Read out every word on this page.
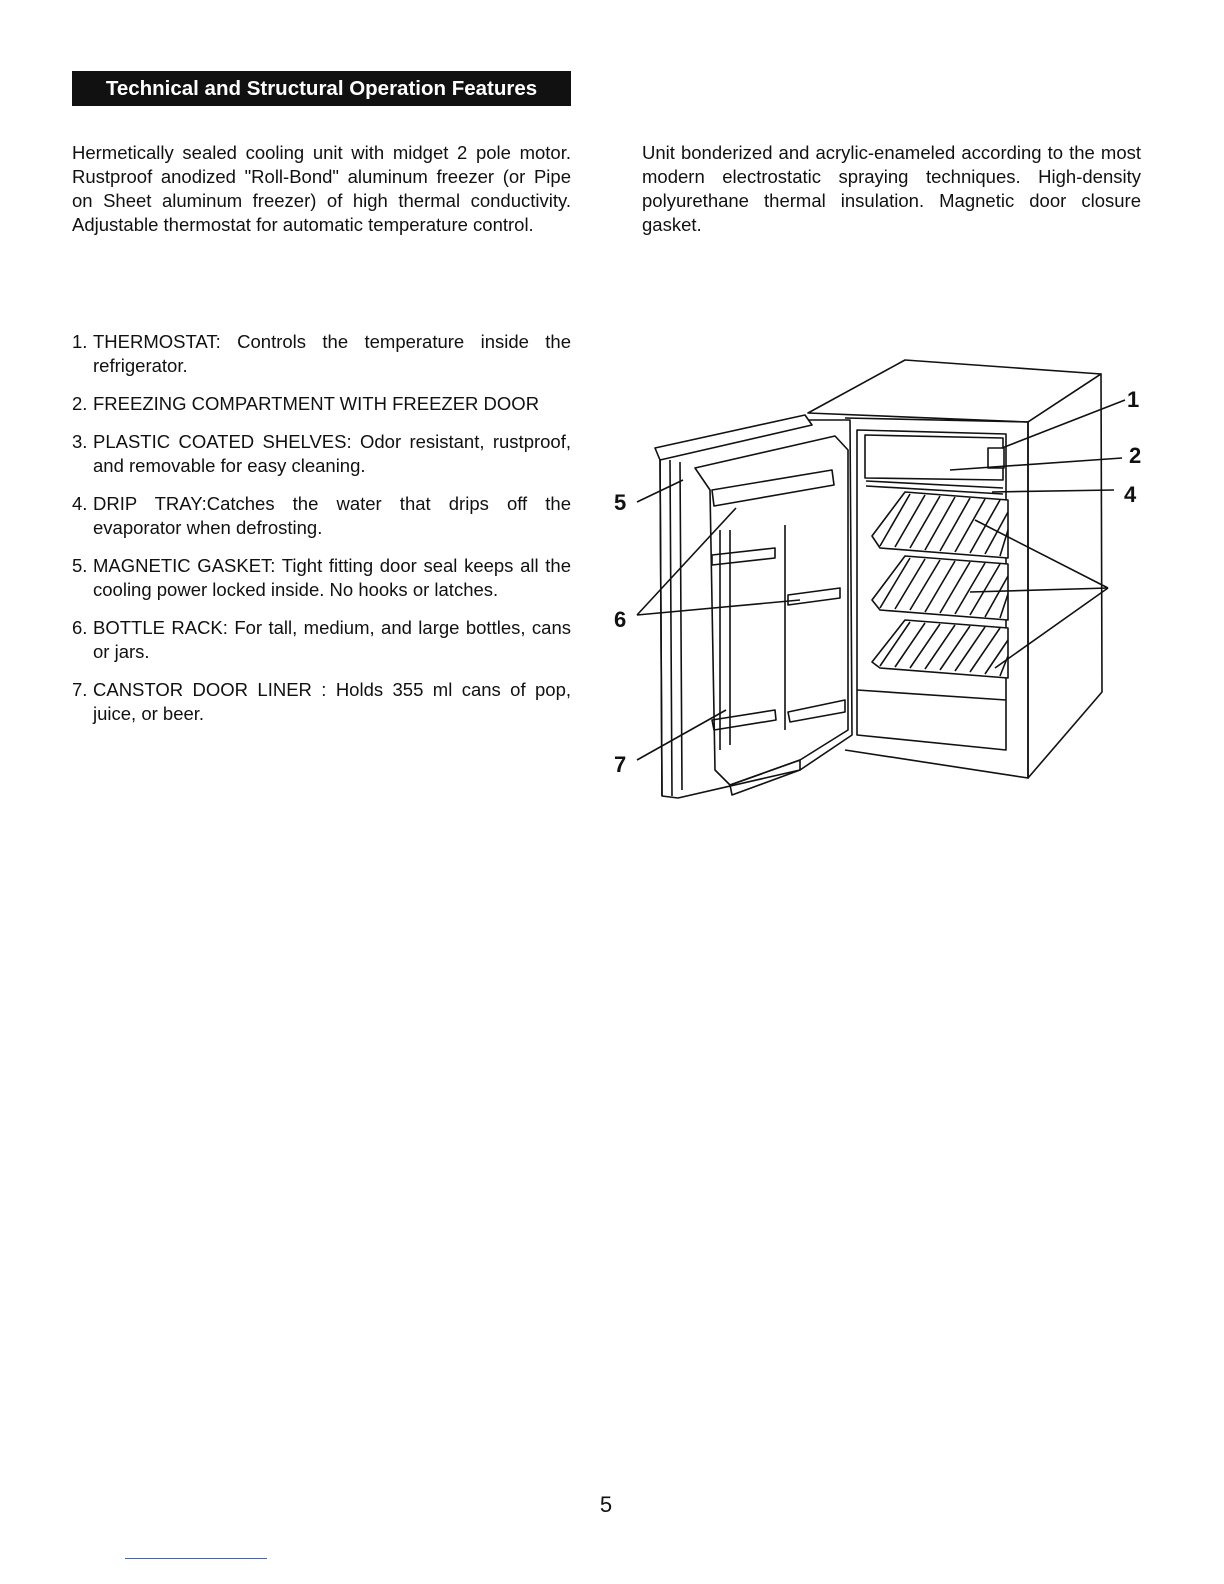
Technical and Structural Operation Features

Hermetically sealed cooling unit with midget 2 pole motor. Rustproof anodized "Roll-Bond" aluminum freezer (or Pipe on Sheet aluminum freezer) of high thermal conductivity. Adjustable thermostat for automatic temperature control.

Unit bonderized and acrylic-enameled according to the most modern electrostatic spraying techniques. High-density polyurethane thermal insulation. Magnetic door closure gasket.

1. THERMOSTAT: Controls the temperature inside the refrigerator.
2. FREEZING COMPARTMENT WITH FREEZER DOOR
3. PLASTIC COATED SHELVES: Odor resistant, rustproof, and removable for easy cleaning.
4. DRIP TRAY:Catches the water that drips off the evaporator when defrosting.
5. MAGNETIC GASKET: Tight fitting door seal keeps all the cooling power locked inside. No hooks or latches.
6. BOTTLE RACK: For tall, medium, and large bottles, cans or jars.
7. CANSTOR DOOR LINER : Holds 355 ml cans of pop, juice, or beer.
1
2
4
5
6
7
5
